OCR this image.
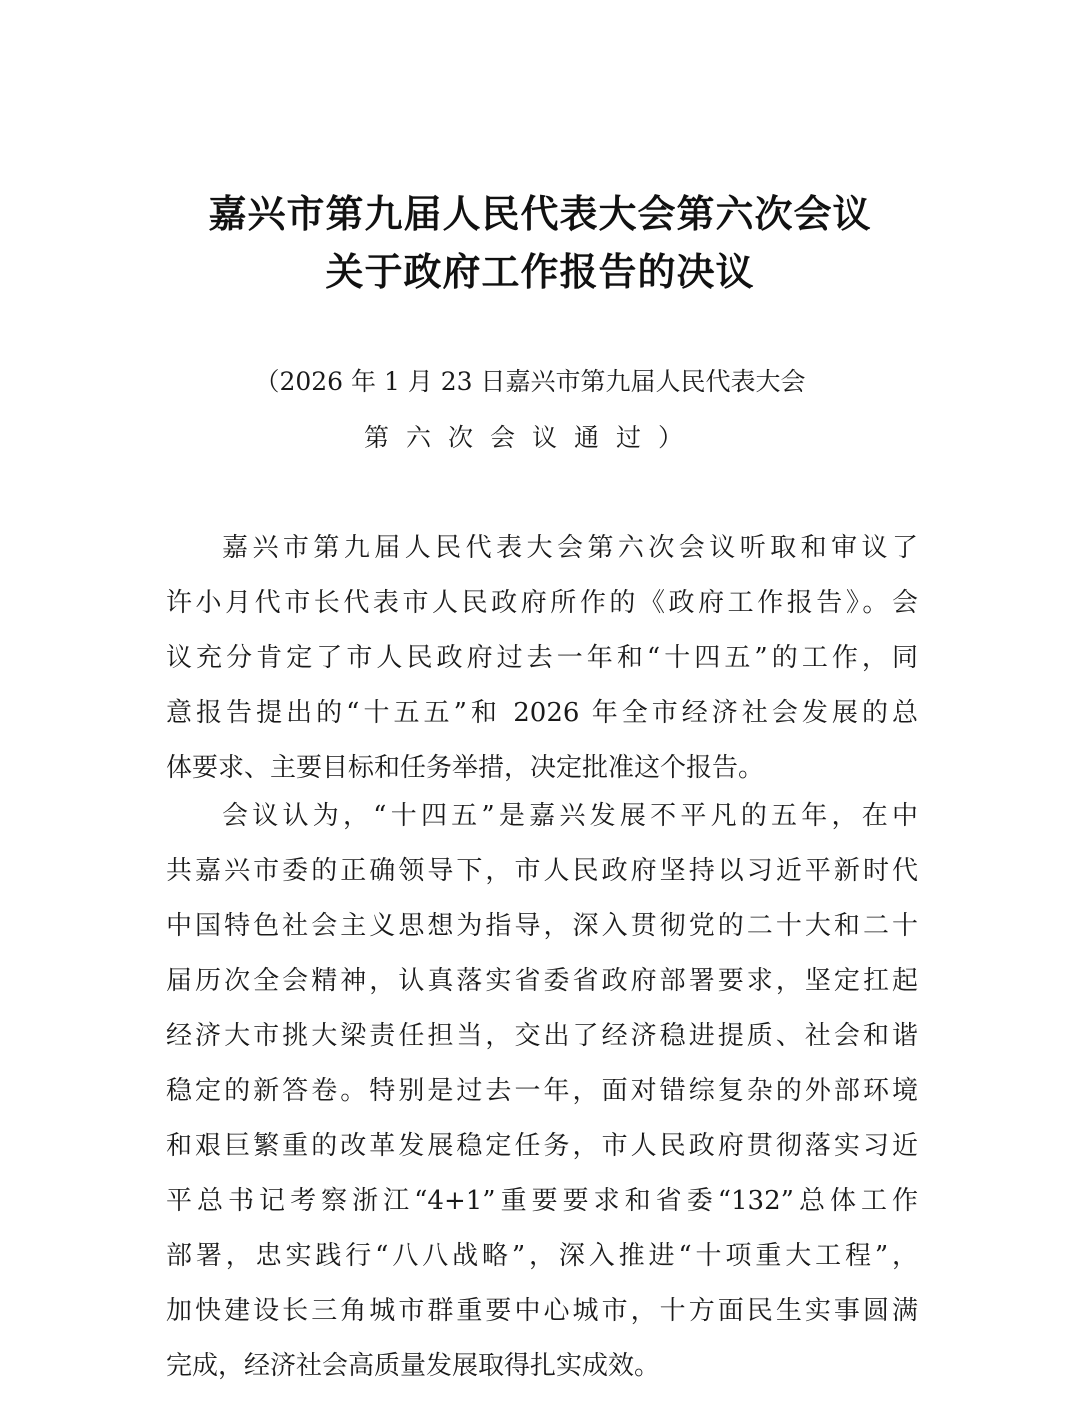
嘉兴市第九届人民代表大会第六次会议
关于政府工作报告的决议
（2026 年 1 月 23 日嘉兴市第九届人民代表大会
第六次会议通过）
嘉兴市第九届人民代表大会第六次会议听取和审议了
许小月代市长代表市人民政府所作的《政府工作报告》。会
议充分肯定了市人民政府过去一年和“十四五”的工作，同
意报告提出的“十五五”和 2026 年全市经济社会发展的总
体要求、主要目标和任务举措，决定批准这个报告。
会议认为，“十四五”是嘉兴发展不平凡的五年，在中
共嘉兴市委的正确领导下，市人民政府坚持以习近平新时代
中国特色社会主义思想为指导，深入贯彻党的二十大和二十
届历次全会精神，认真落实省委省政府部署要求，坚定扛起
经济大市挑大梁责任担当，交出了经济稳进提质、社会和谐
稳定的新答卷。特别是过去一年，面对错综复杂的外部环境
和艰巨繁重的改革发展稳定任务，市人民政府贯彻落实习近
平总书记考察浙江“4+1”重要要求和省委“132”总体工作
部署，忠实践行“八八战略”，深入推进“十项重大工程”，
加快建设长三角城市群重要中心城市，十方面民生实事圆满
完成，经济社会高质量发展取得扎实成效。
